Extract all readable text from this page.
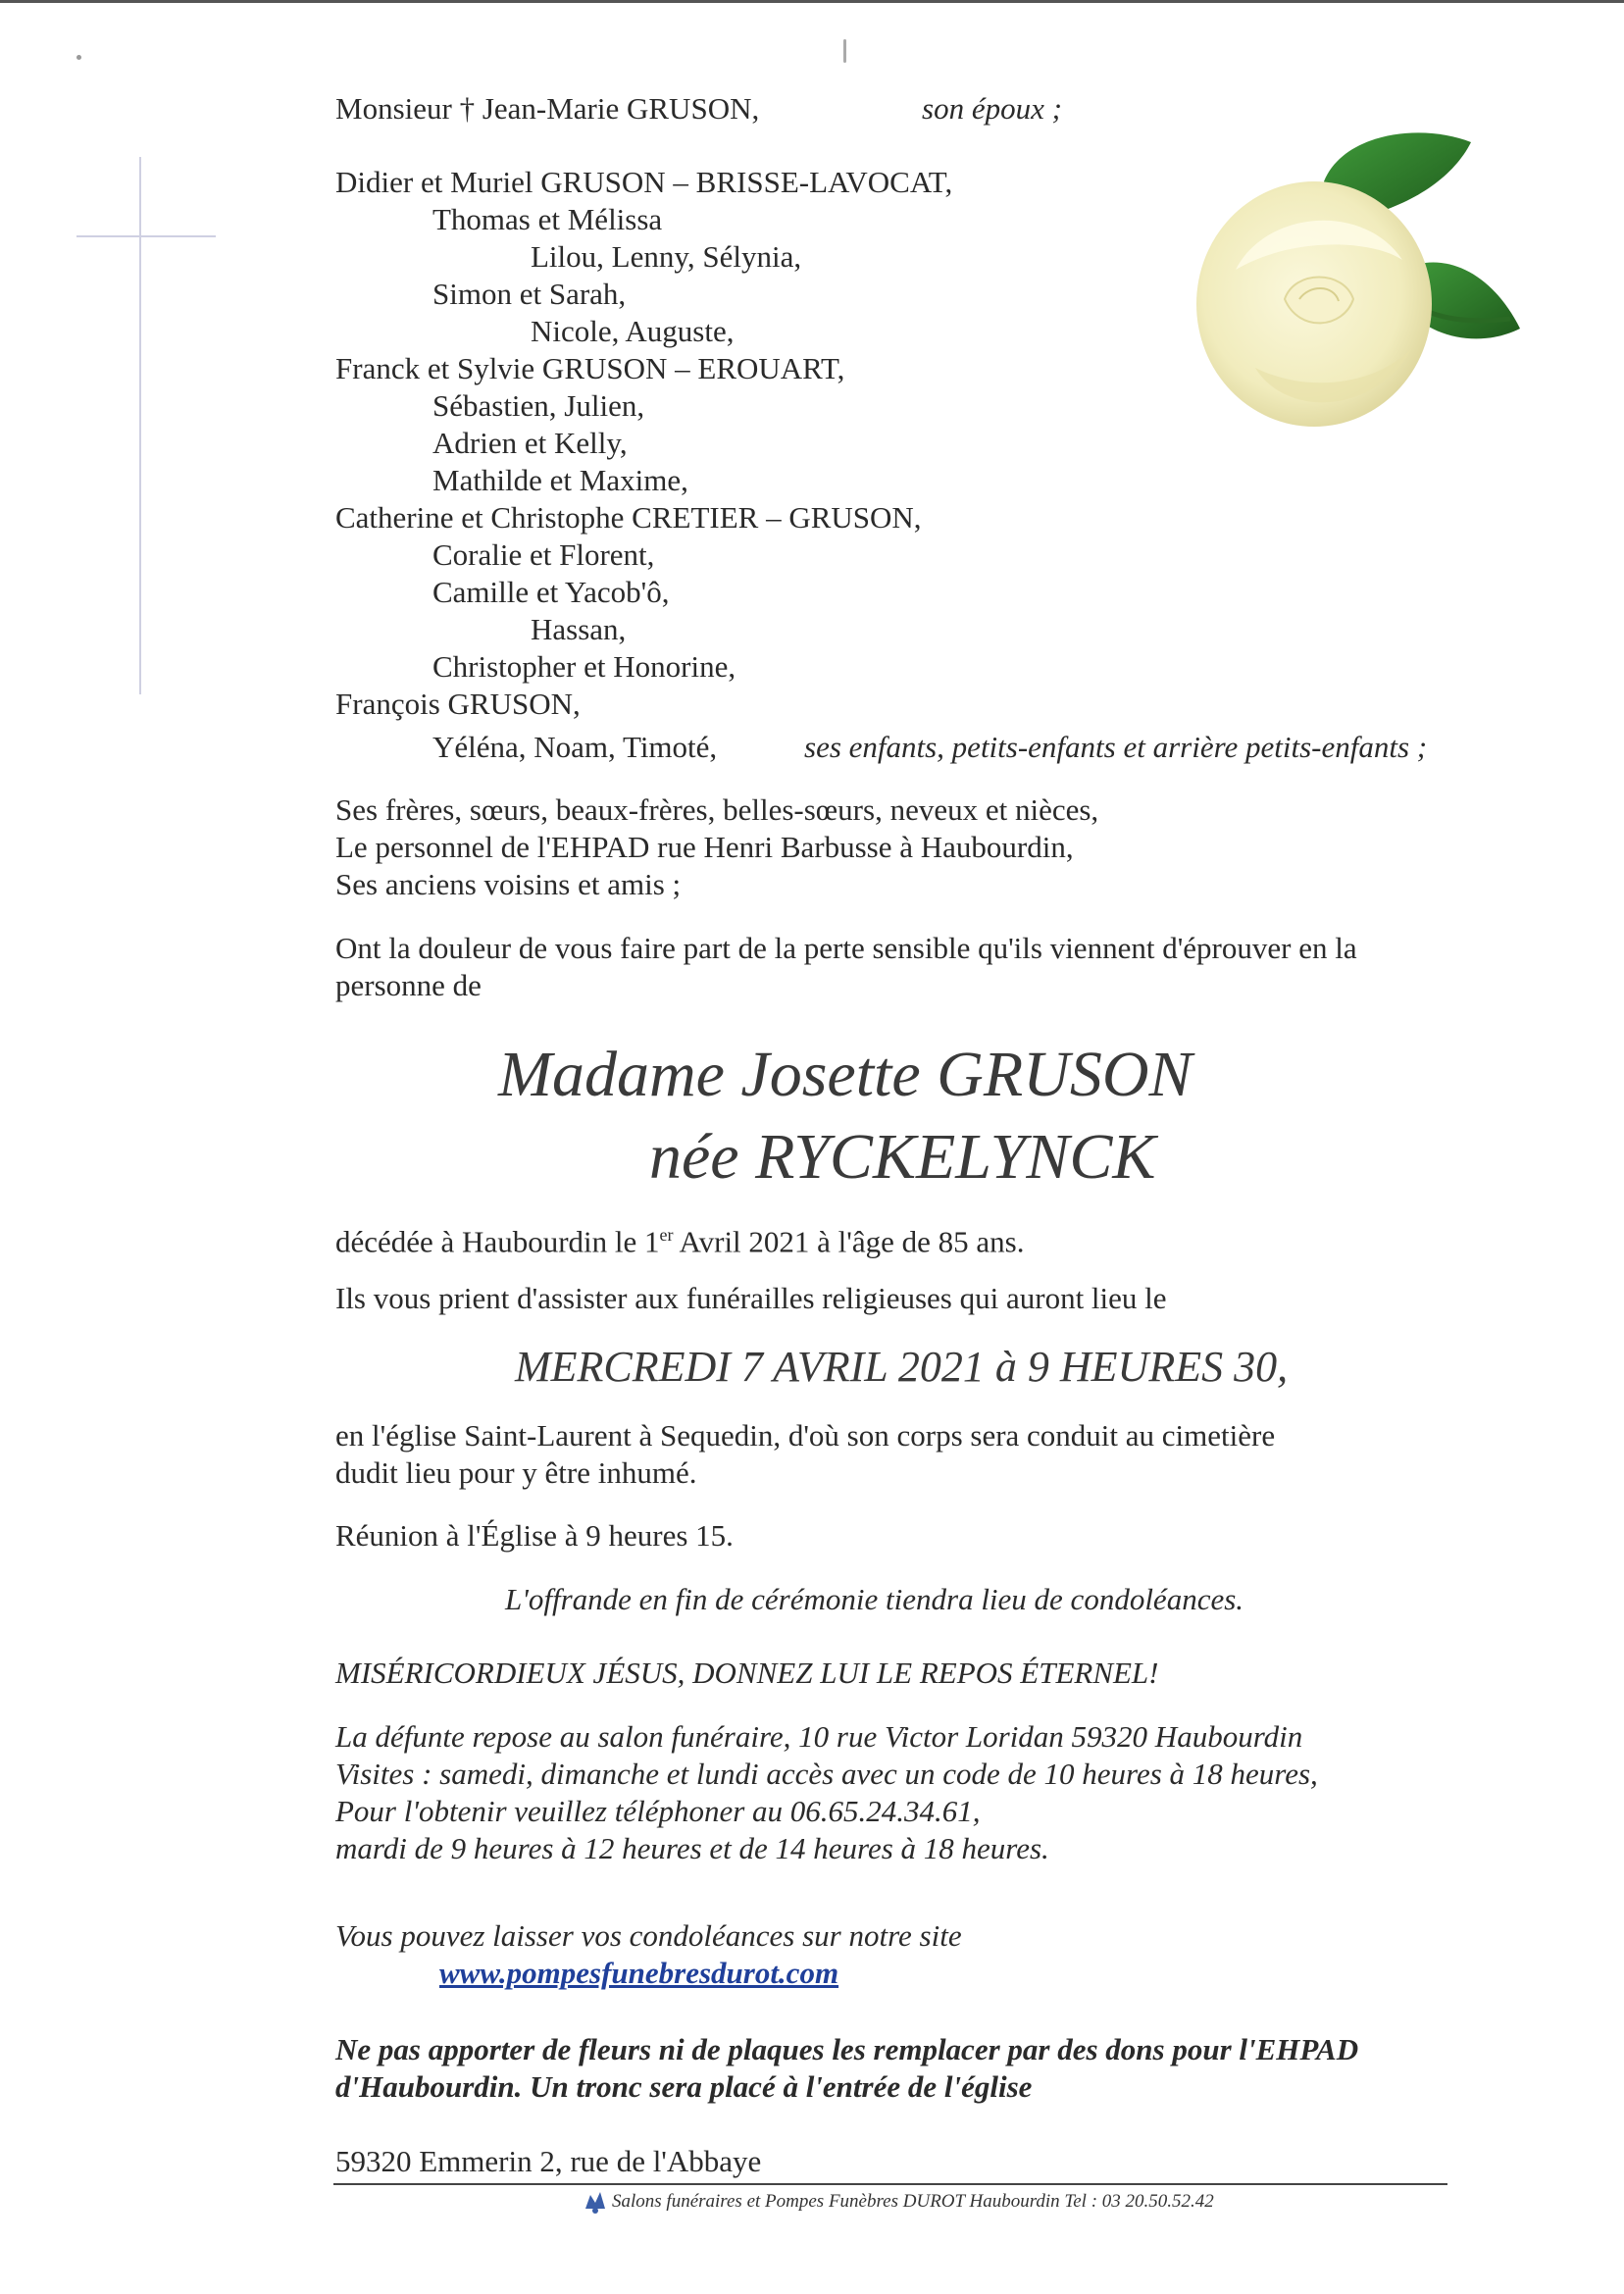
Monsieur † Jean-Marie GRUSON,	son époux ;
Didier et Muriel GRUSON – BRISSE-LAVOCAT,
Thomas et Mélissa
Lilou, Lenny, Sélynia,
Simon et Sarah,
Nicole, Auguste,
Franck et Sylvie GRUSON – EROUART,
Sébastien, Julien,
Adrien et Kelly,
Mathilde et Maxime,
Catherine et Christophe CRETIER – GRUSON,
Coralie et Florent,
Camille et Yacob'ô,
Hassan,
Christopher et Honorine,
François GRUSON,
Yéléna, Noam, Timoté,	ses enfants, petits-enfants et arrière petits-enfants ;
Ses frères, sœurs, beaux-frères, belles-sœurs, neveux et nièces,
Le personnel de l'EHPAD rue Henri Barbusse à Haubourdin,
Ses anciens voisins et amis ;
Ont la douleur de vous faire part de la perte sensible qu'ils viennent d'éprouver en la
personne de
Madame Josette GRUSON
née RYCKELYNCK
décédée à Haubourdin le 1er Avril 2021 à l'âge de 85 ans.
Ils vous prient d'assister aux funérailles religieuses qui auront lieu le
MERCREDI 7 AVRIL 2021 à 9 HEURES 30,
en l'église Saint-Laurent à Sequedin, d'où son corps sera conduit au cimetière
dudit lieu pour y être inhumé.
Réunion à l'Église à 9 heures 15.
L'offrande en fin de cérémonie tiendra lieu de condoléances.
MISÉRICORDIEUX JÉSUS, DONNEZ LUI LE REPOS ÉTERNEL!
La défunte repose au salon funéraire, 10 rue Victor Loridan 59320 Haubourdin
Visites : samedi, dimanche et lundi accès avec un code de 10 heures à 18 heures,
Pour l'obtenir veuillez téléphoner au 06.65.24.34.61,
mardi de 9 heures à 12 heures et de 14 heures à 18 heures.
Vous pouvez laisser vos condoléances sur notre site
www.pompesfunebresdurot.com
Ne pas apporter de fleurs ni de plaques les remplacer par des dons pour l'EHPAD
d'Haubourdin. Un tronc sera placé à l'entrée de l'église
59320 Emmerin 2, rue de l'Abbaye
Salons funéraires et Pompes Funèbres DUROT Haubourdin Tel : 03 20.50.52.42
